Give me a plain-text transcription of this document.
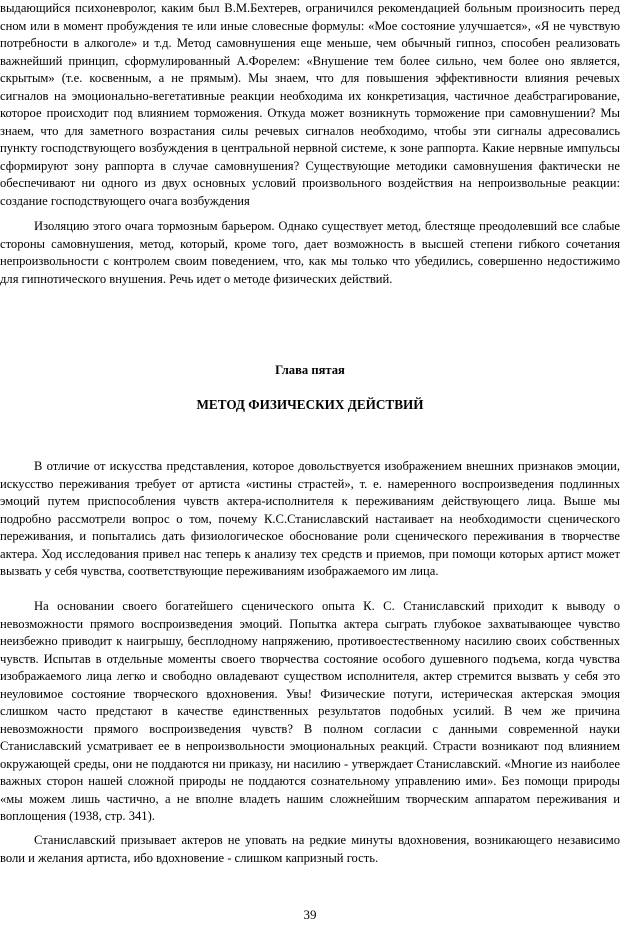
выдающийся психоневролог, каким был В.М.Бехтерев, ограничился рекомендацией больным произносить перед сном или в момент пробуждения те или иные словесные формулы: «Мое состояние улучшается», «Я не чувствую потребности в алкоголе» и т.д. Метод самовнушения еще меньше, чем обычный гипноз, способен реализовать важнейший принцип, сформулированный А.Форелем: «Внушение тем более сильно, чем более оно является, скрытым» (т.е. косвенным, а не прямым). Мы знаем, что для повышения эффективности влияния речевых сигналов на эмоционально-вегетативные реакции необходима их конкретизация, частичное деабстрагирование, которое происходит под влиянием торможения. Откуда может возникнуть торможение при самовнушении? Мы знаем, что для заметного возрастания силы речевых сигналов необходимо, чтобы эти сигналы адресовались пункту господствующего возбуждения в центральной нервной системе, к зоне раппорта. Какие нервные импульсы сформируют зону раппорта в случае самовнушения? Существующие методики самовнушения фактически не обеспечивают ни одного из двух основных условий произвольного воздействия на непроизвольные реакции: создание господствующего очага возбуждения

Изоляцию этого очага тормозным барьером. Однако существует метод, блестяще преодолевший все слабые стороны самовнушения, метод, который, кроме того, дает возможность в высшей степени гибкого сочетания непроизвольности с контролем своим поведением, что, как мы только что убедились, совершенно недостижимо для гипнотического внушения. Речь идет о методе физических действий.

Глава пятая
МЕТОД ФИЗИЧЕСКИХ ДЕЙСТВИЙ

В отличие от искусства представления, которое довольствуется изображением внешних признаков эмоции, искусство переживания требует от артиста «истины страстей», т. е. намеренного воспроизведения подлинных эмоций путем приспособления чувств актера-исполнителя к переживаниям действующего лица. Выше мы подробно рассмотрели вопрос о том, почему К.С.Станиславский настаивает на необходимости сценического переживания, и попытались дать физиологическое обоснование роли сценического переживания в творчестве актера. Ход исследования привел нас теперь к анализу тех средств и приемов, при помощи которых артист может вызвать у себя чувства, соответствующие переживаниям изображаемого им лица.

На основании своего богатейшего сценического опыта К. С. Станиславский приходит к выводу о невозможности прямого воспроизведения эмоций. Попытка актера сыграть глубокое захватывающее чувство неизбежно приводит к наигрышу, бесплодному напряжению, противоестественному насилию своих собственных чувств. Испытав в отдельные моменты своего творчества состояние особого душевного подъема, когда чувства изображаемого лица легко и свободно овладевают существом исполнителя, актер стремится вызвать у себя это неуловимое состояние творческого вдохновения. Увы! Физические потуги, истерическая актерская эмоция слишком часто предстают в качестве единственных результатов подобных усилий. В чем же причина невозможности прямого воспроизведения чувств? В полном согласии с данными современной науки Станиславский усматривает ее в непроизвольности эмоциональных реакций. Страсти возникают под влиянием окружающей среды, они не поддаются ни приказу, ни насилию - утверждает Станиславский. «Многие из наиболее важных сторон нашей сложной природы не поддаются сознательному управлению ими». Без помощи природы «мы можем лишь частично, а не вполне владеть нашим сложнейшим творческим аппаратом переживания и воплощения (1938, стр. 341).

Станиславский призывает актеров не уповать на редкие минуты вдохновения, возникающего независимо воли и желания артиста, ибо вдохновение - слишком капризный гость.

39
